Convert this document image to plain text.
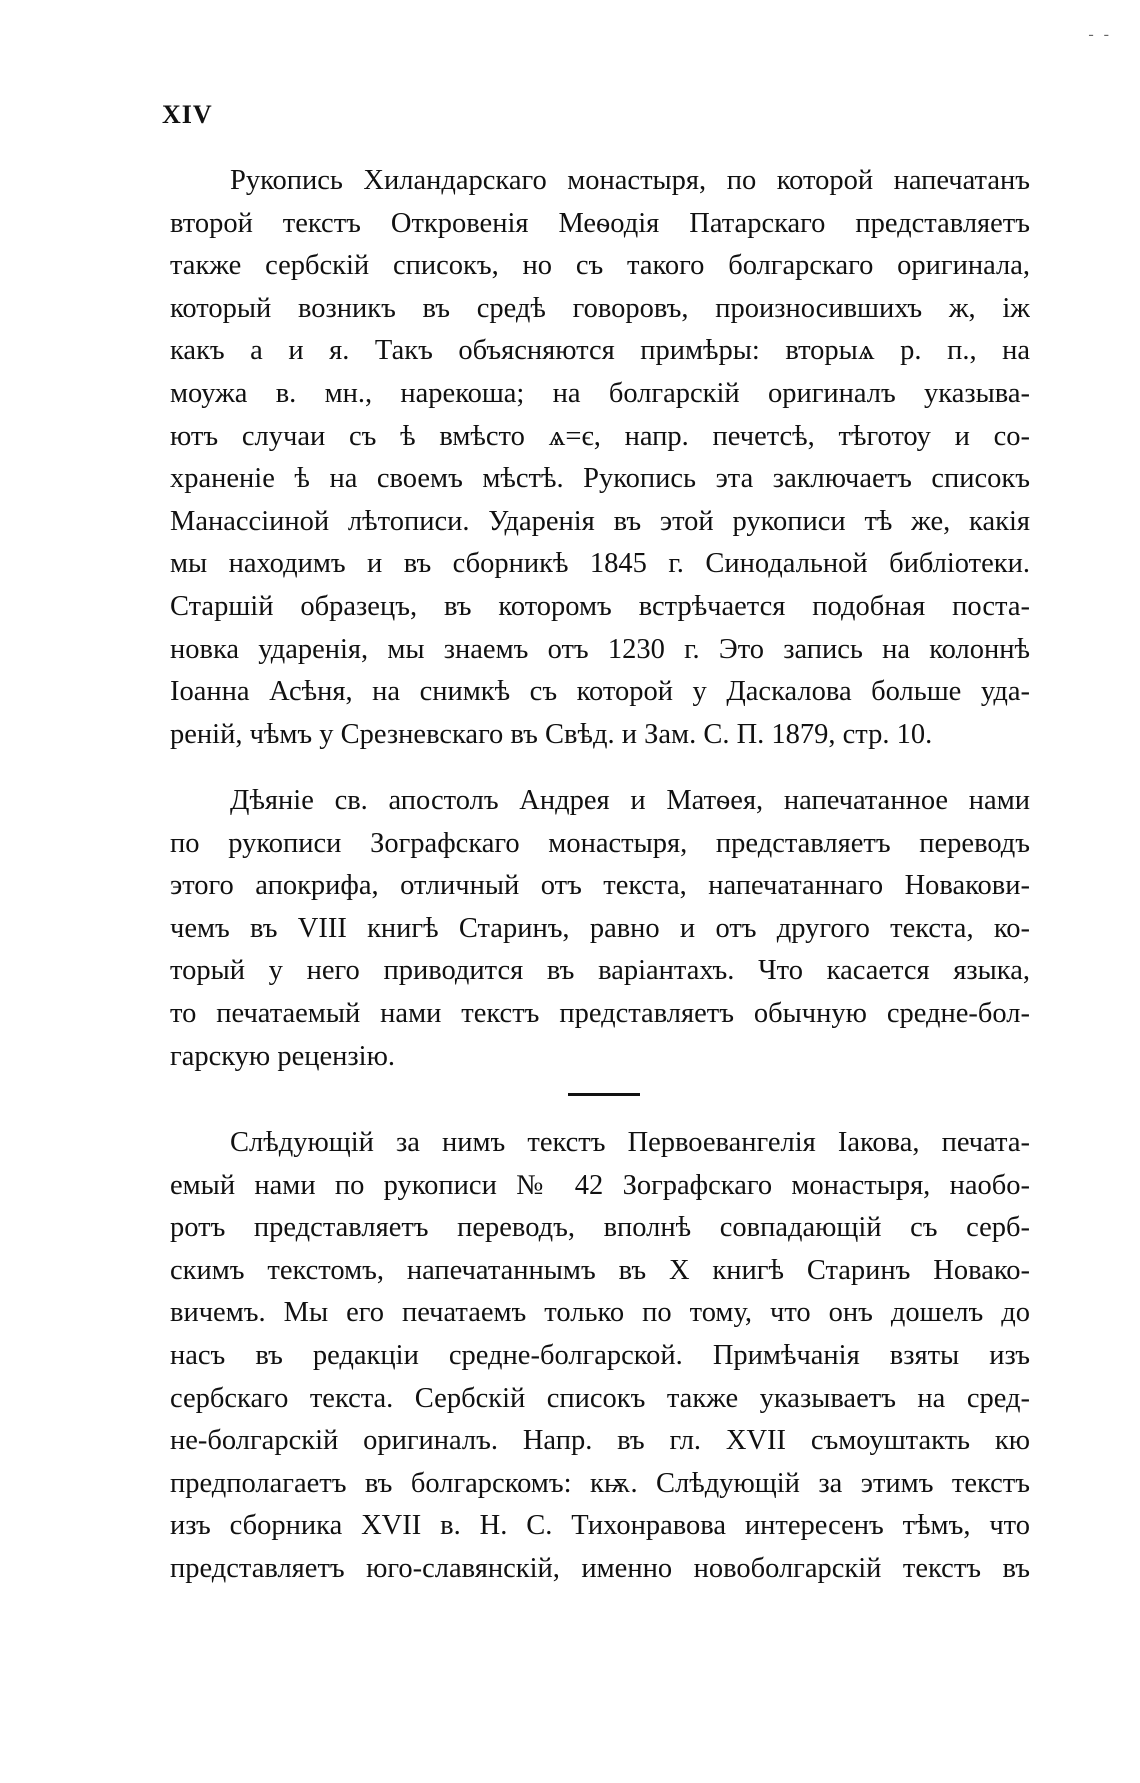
- -
XIV
Рукопись Хиландарскаго монастыря, по которой напечатанъ
второй текстъ Откровенія Меѳодія Патарскаго представляетъ
также сербскій списокъ, но съ такого болгарскаго оригинала,
который возникъ въ средѣ говоровъ, произносившихъ ж, іж
какъ а и я. Такъ объясняются примѣры: вторыѧ р. п., на
моужа в. мн., нарекоша; на болгарскій оригиналъ указыва-
ютъ случаи съ ѣ вмѣсто ѧ=є, напр. печетсѣ, тѣготоу и со-
храненіе ѣ на своемъ мѣстѣ. Рукопись эта заключаетъ списокъ
Манассіиной лѣтописи. Ударенія въ этой рукописи тѣ же, какія
мы находимъ и въ сборникѣ 1845 г. Синодальной библіотеки.
Старшій образецъ, въ которомъ встрѣчается подобная поста-
новка ударенія, мы знаемъ отъ 1230 г. Это запись на колоннѣ
Іоанна Асѣня, на снимкѣ съ которой у Даскалова больше уда-
реній, чѣмъ у Срезневскаго въ Свѣд. и Зам. С. П. 1879, стр. 10.
Дѣяніе св. апостолъ Андрея и Матѳея, напечатанное нами
по рукописи Зографскаго монастыря, представляетъ переводъ
этого апокрифа, отличный отъ текста, напечатаннаго Новакови-
чемъ въ VIII книгѣ Старинъ, равно и отъ другого текста, ко-
торый у него приводится въ варіантахъ. Что касается языка,
то печатаемый нами текстъ представляетъ обычную средне-бол-
гарскую рецензію.
Слѣдующій за нимъ текстъ Первоевангелія Іакова, печата-
емый нами по рукописи № 42 Зографскаго монастыря, наобо-
ротъ представляетъ переводъ, вполнѣ совпадающій съ серб-
скимъ текстомъ, напечатаннымъ въ X книгѣ Старинъ Новако-
вичемъ. Мы его печатаемъ только по тому, что онъ дошелъ до
насъ въ редакціи средне-болгарской. Примѣчанія взяты изъ
сербскаго текста. Сербскій списокъ также указываетъ на сред-
не-болгарскій оригиналъ. Напр. въ гл. XVII съмоуштакть кю
предполагаетъ въ болгарскомъ: кѭ. Слѣдующій за этимъ текстъ
изъ сборника XVII в. Н. С. Тихонравова интересенъ тѣмъ, что
представляетъ юго-славянскій, именно новоболгарскій текстъ въ
